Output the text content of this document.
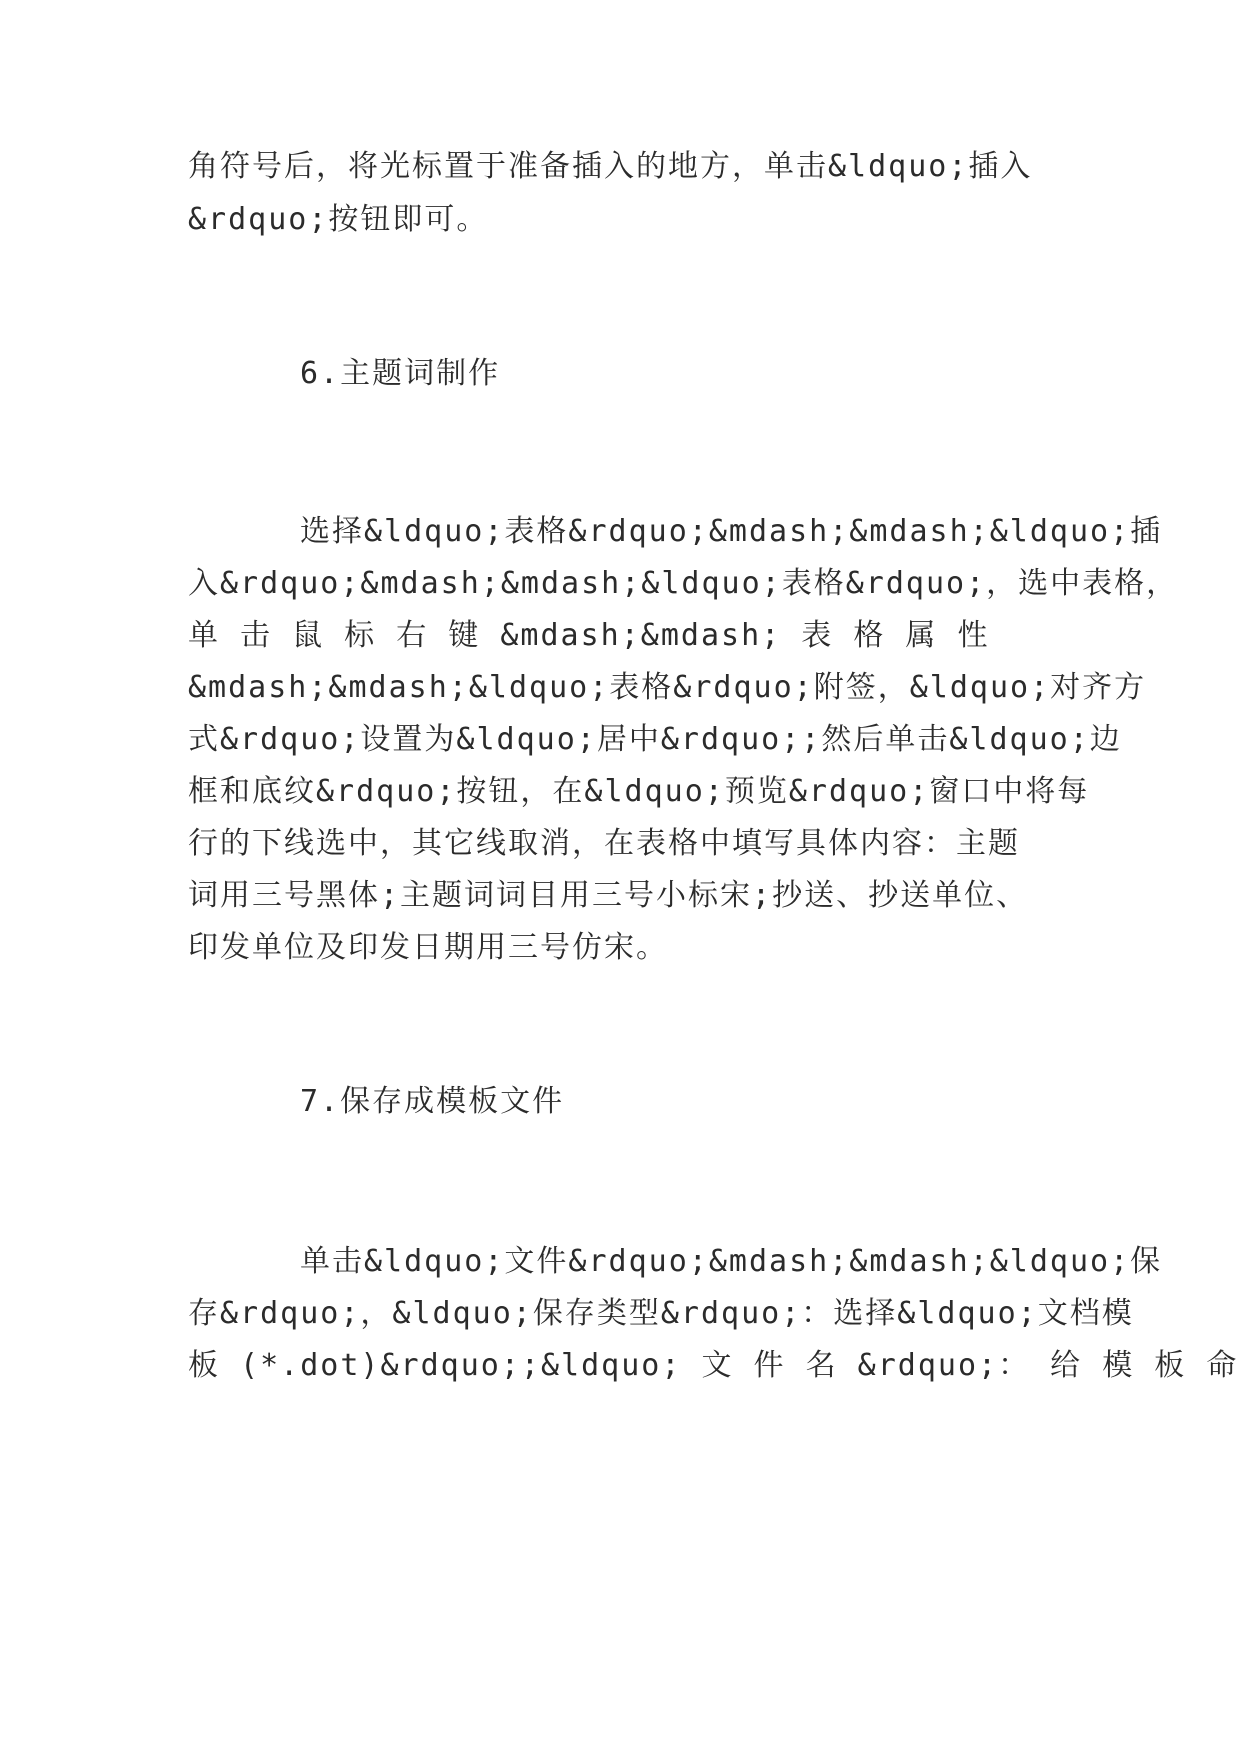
角符号后，将光标置于准备插入的地方，单击&ldquo;插入
&rdquo;按钮即可。
6.主题词制作
选择&ldquo;表格&rdquo;&mdash;&mdash;&ldquo;插
入&rdquo;&mdash;&mdash;&ldquo;表格&rdquo;，选中表格，
单 击 鼠 标 右 键 &mdash;&mdash; 表 格 属 性
&mdash;&mdash;&ldquo;表格&rdquo;附签，&ldquo;对齐方
式&rdquo;设置为&ldquo;居中&rdquo;;然后单击&ldquo;边
框和底纹&rdquo;按钮，在&ldquo;预览&rdquo;窗口中将每
行的下线选中，其它线取消，在表格中填写具体内容：主题
词用三号黑体;主题词词目用三号小标宋;抄送、抄送单位、
印发单位及印发日期用三号仿宋。
7.保存成模板文件
单击&ldquo;文件&rdquo;&mdash;&mdash;&ldquo;保
存&rdquo;，&ldquo;保存类型&rdquo;：选择&ldquo;文档模
板 (*.dot)&rdquo;;&ldquo; 文 件 名 &rdquo;： 给 模 板 命
